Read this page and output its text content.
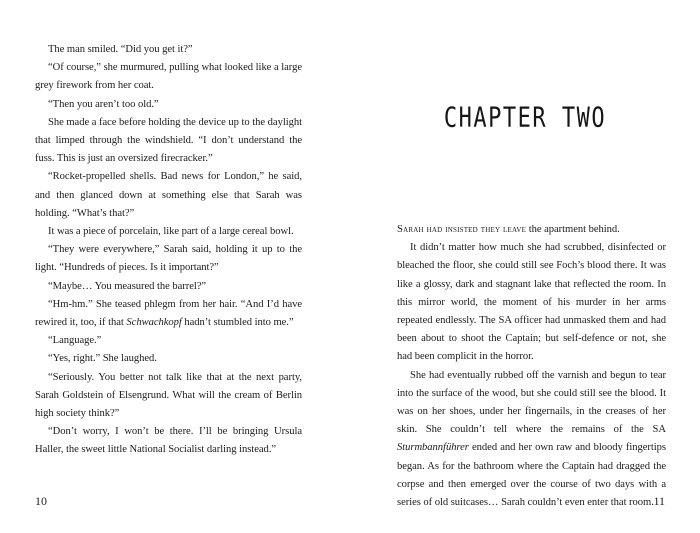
The man smiled. “Did you get it?”

“Of course,” she murmured, pulling what looked like a large grey firework from her coat.

“Then you aren’t too old.”

She made a face before holding the device up to the daylight that limped through the windshield. “I don’t understand the fuss. This is just an oversized firecracker.”

“Rocket-propelled shells. Bad news for London,” he said, and then glanced down at something else that Sarah was holding. “What’s that?”

It was a piece of porcelain, like part of a large cereal bowl.

“They were everywhere,” Sarah said, holding it up to the light. “Hundreds of pieces. Is it important?”

“Maybe… You measured the barrel?”

“Hm-hm.” She teased phlegm from her hair. “And I’d have rewired it, too, if that Schwachkopf hadn’t stumbled into me.”

“Language.”

“Yes, right.” She laughed.

“Seriously. You better not talk like that at the next party, Sarah Goldstein of Elsengrund. What will the cream of Berlin high society think?”

“Don’t worry, I won’t be there. I’ll be bringing Ursula Haller, the sweet little National Socialist darling instead.”

10
CHAPTER TWO

Sarah had insisted they leave the apartment behind.

It didn’t matter how much she had scrubbed, disinfected or bleached the floor, she could still see Foch’s blood there. It was like a glossy, dark and stagnant lake that reflected the room. In this mirror world, the moment of his murder in her arms repeated endlessly. The SA officer had unmasked them and had been about to shoot the Captain; but self-defence or not, she had been complicit in the horror.

She had eventually rubbed off the varnish and begun to tear into the surface of the wood, but she could still see the blood. It was on her shoes, under her fingernails, in the creases of her skin. She couldn’t tell where the remains of the SA Sturmbannführer ended and her own raw and bloody fingertips began. As for the bathroom where the Captain had dragged the corpse and then emerged over the course of two days with a series of old suitcases… Sarah couldn’t even enter that room. 11
